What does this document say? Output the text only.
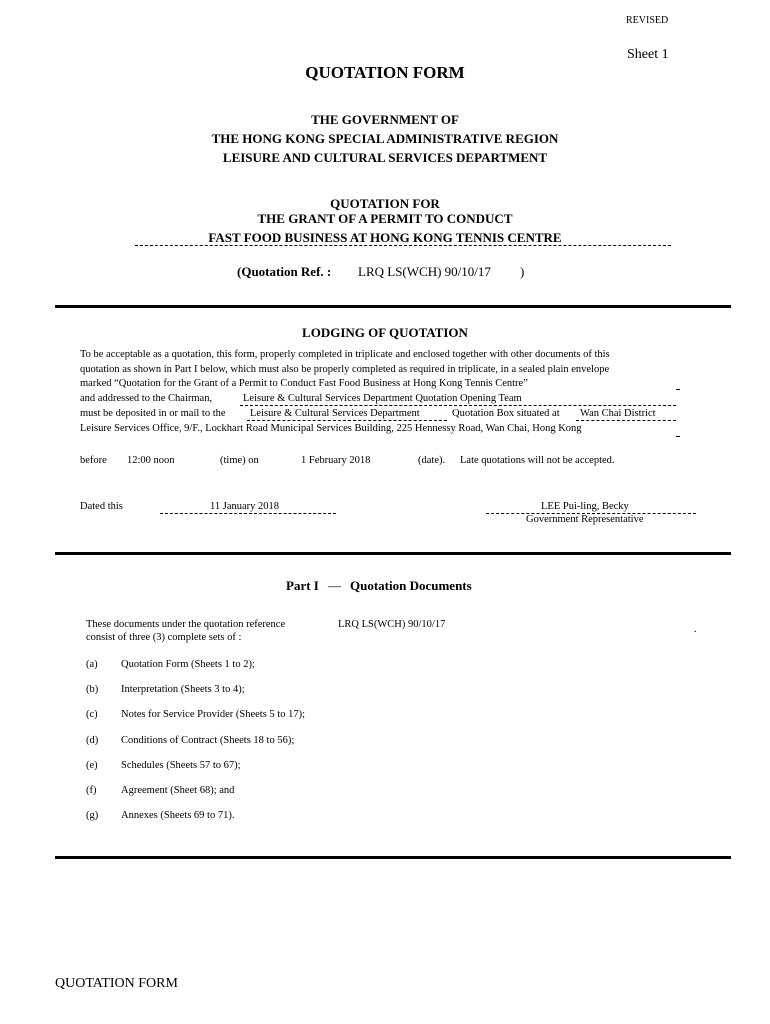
REVISED
Sheet 1
QUOTATION FORM
THE GOVERNMENT OF
THE HONG KONG SPECIAL ADMINISTRATIVE REGION
LEISURE AND CULTURAL SERVICES DEPARTMENT
QUOTATION FOR
THE GRANT OF A PERMIT TO CONDUCT
FAST FOOD BUSINESS AT HONG KONG TENNIS CENTRE
(Quotation Ref. : LRQ LS(WCH) 90/10/17 )
LODGING OF QUOTATION
To be acceptable as a quotation, this form, properly completed in triplicate and enclosed together with other documents of this
quotation as shown in Part I below, which must also be properly completed as required in triplicate, in a sealed plain envelope
marked “Quotation for the Grant of a Permit to Conduct Fast Food Business at Hong Kong Tennis Centre”
and addressed to the Chairman,	Leisure & Cultural Services Department Quotation Opening Team
must be deposited in or mail to the Leisure & Cultural Services Department	Quotation Box situated at Wan Chai District
Leisure Services Office, 9/F., Lockhart Road Municipal Services Building, 225 Hennessy Road, Wan Chai, Hong Kong
before 12:00 noon	(time) on	1 February 2018	(date). Late quotations will not be accepted.
Dated this	11 January 2018	LEE Pui-ling, Becky
Government Representative
Part I — Quotation Documents
These documents under the quotation reference	LRQ LS(WCH) 90/10/17	.
consist of three (3) complete sets of :
(a) Quotation Form (Sheets 1 to 2);
(b) Interpretation (Sheets 3 to 4);
(c) Notes for Service Provider (Sheets 5 to 17);
(d) Conditions of Contract (Sheets 18 to 56);
(e) Schedules (Sheets 57 to 67);
(f) Agreement (Sheet 68); and
(g) Annexes (Sheets 69 to 71).
QUOTATION FORM
